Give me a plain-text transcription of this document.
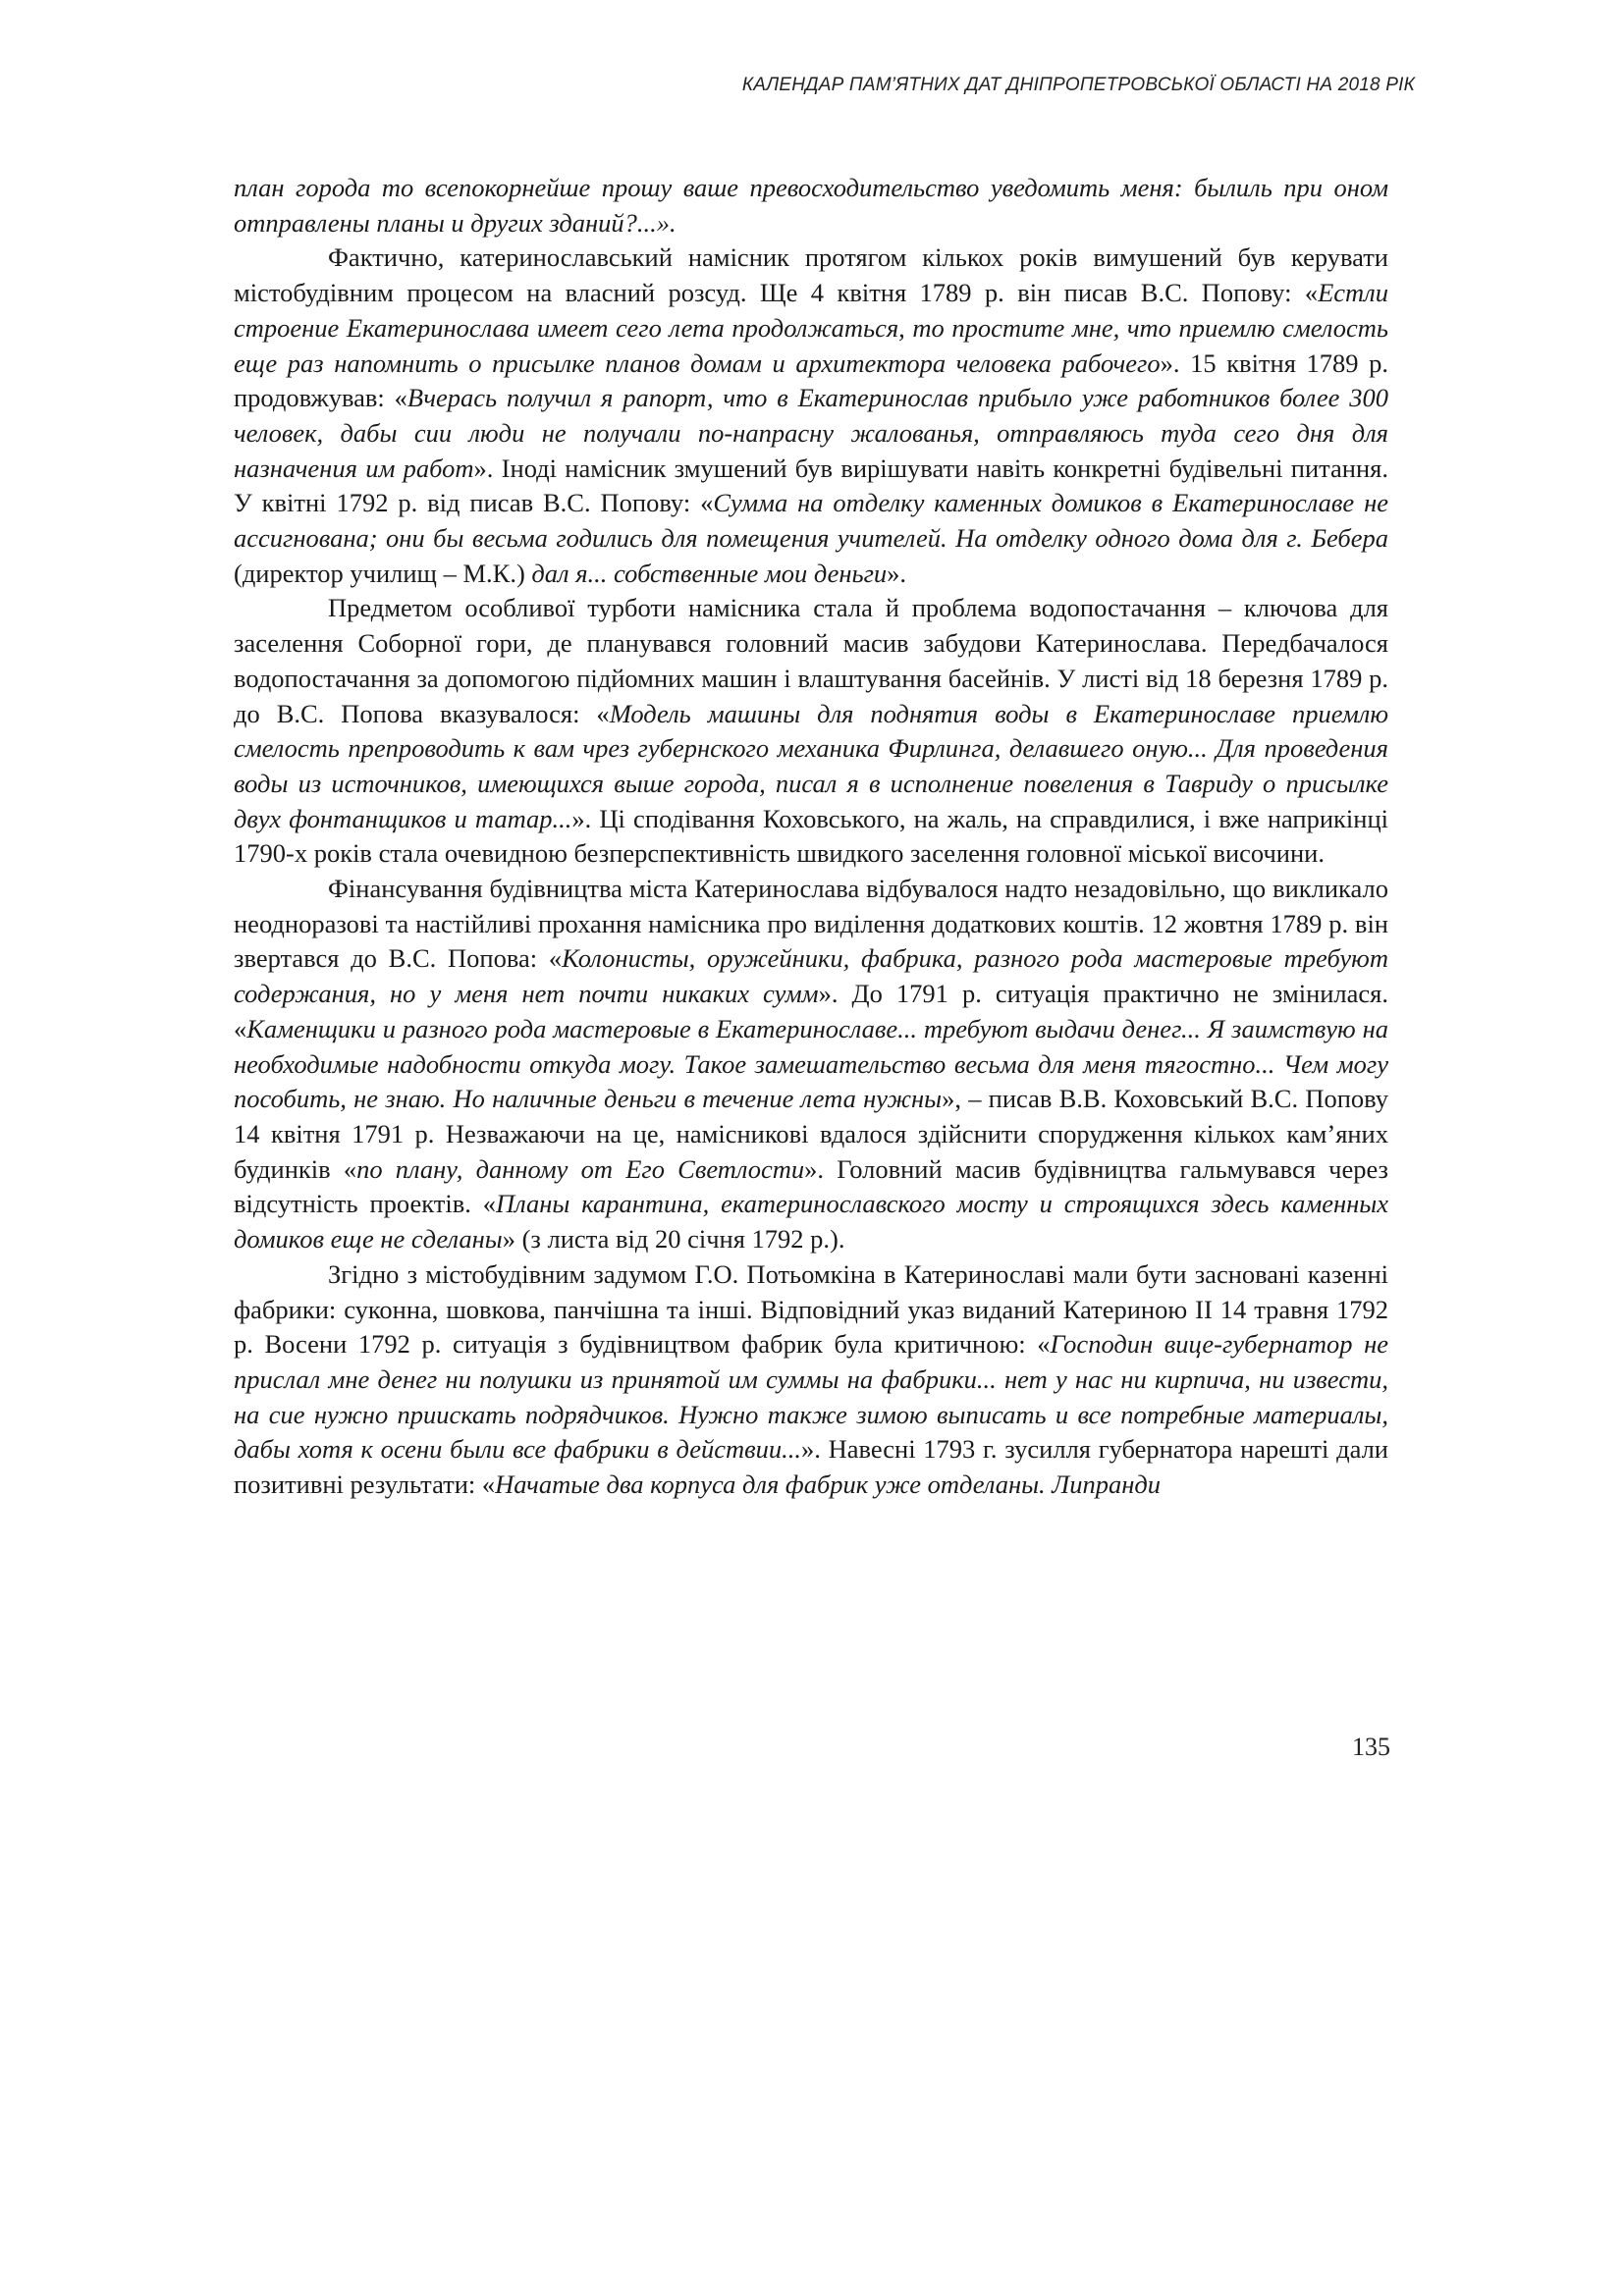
КАЛЕНДАР ПАМ’ЯТНИХ ДАТ ДНІПРОПЕТРОВСЬКОЇ ОБЛАСТІ НА 2018 РІК

план города то всепокорнейше прошу ваше превосходительство уведомить меня: былиль при оном отправлены планы и других зданий?...».

Фактично, катеринославський намісник протягом кількох років вимушений був керувати містобудівним процесом на власний розсуд. Ще 4 квітня 1789 р. він писав В.С. Попову: «Естли строение Екатеринослава имеет сего лета продолжаться, то простите мне, что приемлю смелость еще раз напомнить о присылке планов домам и архитектора человека рабочего». 15 квітня 1789 р. продовжував: «Вчерась получил я рапорт, что в Екатеринослав прибыло уже работников более 300 человек, дабы сии люди не получали по-напрасну жалованья, отправляюсь туда сего дня для назначения им работ». Іноді намісник змушений був вирішувати навіть конкретні будівельні питання. У квітні 1792 р. від писав В.С. Попову: «Сумма на отделку каменных домиков в Екатеринославе не ассигнована; они бы весьма годились для помещения учителей. На отделку одного дома для г. Бебера (директор училищ – М.К.) дал я... собственные мои деньги».

Предметом особливої турботи намісника стала й проблема водопостачання – ключова для заселення Соборної гори, де планувався головний масив забудови Катеринослава. Передбачалося водопостачання за допомогою підйомних машин і влаштування басейнів. У листі від 18 березня 1789 р. до В.С. Попова вказувалося: «Модель машины для поднятия воды в Екатеринославе приемлю смелость препроводить к вам чрез губернского механика Фирлинга, делавшего оную... Для проведения воды из источников, имеющихся выше города, писал я в исполнение повеления в Тавриду о присылке двух фонтанщиков и татар...». Ці сподівання Коховського, на жаль, на справдилися, і вже наприкінці 1790-х років стала очевидною безперспективність швидкого заселення головної міської височини.

Фінансування будівництва міста Катеринослава відбувалося надто незадовільно, що викликало неодноразові та настійливі прохання намісника про виділення додаткових коштів. 12 жовтня 1789 р. він звертався до В.С. Попова: «Колонисты, оружейники, фабрика, разного рода мастеровые требуют содержания, но у меня нет почти никаких сумм». До 1791 р. ситуація практично не змінилася. «Каменщики и разного рода мастеровые в Екатеринославе... требуют выдачи денег... Я заимствую на необходимые надобности откуда могу. Такое замешательство весьма для меня тягостно... Чем могу пособить, не знаю. Но наличные деньги в течение лета нужны», – писав В.В. Коховський В.С. Попову 14 квітня 1791 р. Незважаючи на це, намісникові вдалося здійснити спорудження кількох кам’яних будинків «по плану, данному от Его Светлости». Головний масив будівництва гальмувався через відсутність проектів. «Планы карантина, екатеринославского мосту и строящихся здесь каменных домиков еще не сделаны» (з листа від 20 січня 1792 р.).

Згідно з містобудівним задумом Г.О. Потьомкіна в Катеринославі мали бути засновані казенні фабрики: суконна, шовкова, панчішна та інші. Відповідний указ виданий Катериною II 14 травня 1792 р. Восени 1792 р. ситуація з будівництвом фабрик була критичною: «Господин вице-губернатор не прислал мне денег ни полушки из принятой им суммы на фабрики... нет у нас ни кирпича, ни извести, на сие нужно приискать подрядчиков. Нужно также зимою выписать и все потребные материалы, дабы хотя к осени были все фабрики в действии...». Навесні 1793 г. зусилля губернатора нарешті дали позитивні результати: «Начатые два корпуса для фабрик уже отделаны. Липранди

135
